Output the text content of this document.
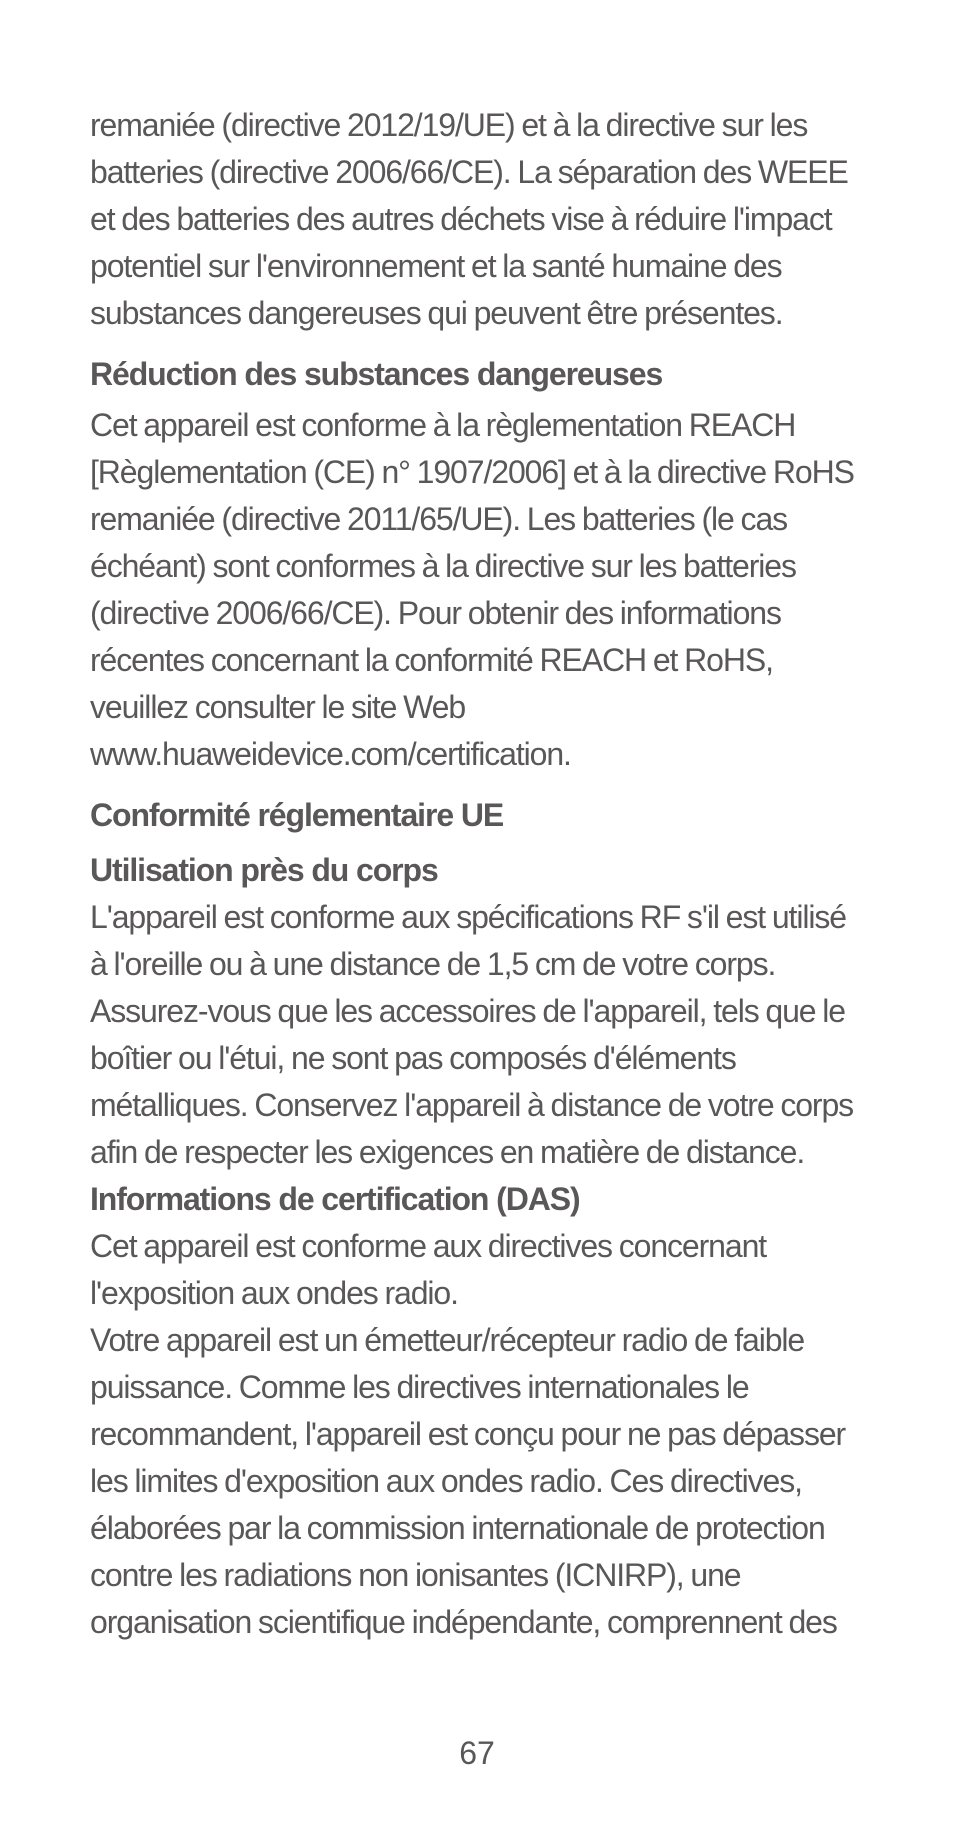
remaniée (directive 2012/19/UE) et à la directive sur les
batteries (directive 2006/66/CE). La séparation des WEEE
et des batteries des autres déchets vise à réduire l'impact
potentiel sur l'environnement et la santé humaine des
substances dangereuses qui peuvent être présentes.

Réduction des substances dangereuses

Cet appareil est conforme à la règlementation REACH
[Règlementation (CE) n° 1907/2006] et à la directive RoHS
remaniée (directive 2011/65/UE). Les batteries (le cas
échéant) sont conformes à la directive sur les batteries
(directive 2006/66/CE). Pour obtenir des informations
récentes concernant la conformité REACH et RoHS,
veuillez consulter le site Web
www.huaweidevice.com/certification.

Conformité réglementaire UE
Utilisation près du corps

L'appareil est conforme aux spécifications RF s'il est utilisé
à l'oreille ou à une distance de 1,5 cm de votre corps.
Assurez-vous que les accessoires de l'appareil, tels que le
boîtier ou l'étui, ne sont pas composés d'éléments
métalliques. Conservez l'appareil à distance de votre corps
afin de respecter les exigences en matière de distance.

Informations de certification (DAS)

Cet appareil est conforme aux directives concernant
l'exposition aux ondes radio.

Votre appareil est un émetteur/récepteur radio de faible
puissance. Comme les directives internationales le
recommandent, l'appareil est conçu pour ne pas dépasser
les limites d'exposition aux ondes radio. Ces directives,
élaborées par la commission internationale de protection
contre les radiations non ionisantes (ICNIRP), une
organisation scientifique indépendante, comprennent des

67
